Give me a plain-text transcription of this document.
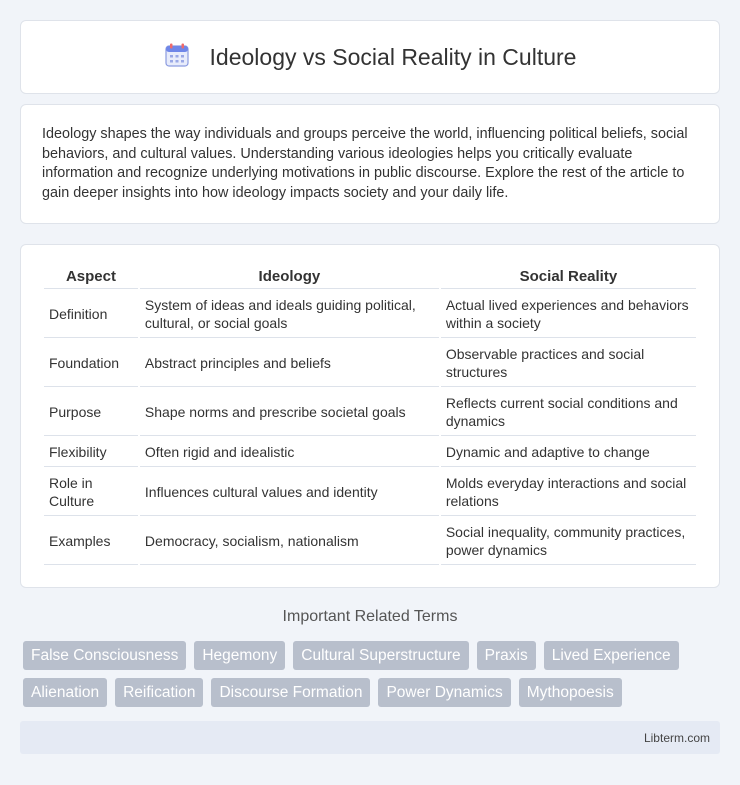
Ideology vs Social Reality in Culture

Ideology shapes the way individuals and groups perceive the world, influencing political beliefs, social behaviors, and cultural values. Understanding various ideologies helps you critically evaluate information and recognize underlying motivations in public discourse. Explore the rest of the article to gain deeper insights into how ideology impacts society and your daily life.

Aspect	Ideology	Social Reality
Definition	System of ideas and ideals guiding political, cultural, or social goals	Actual lived experiences and behaviors within a society
Foundation	Abstract principles and beliefs	Observable practices and social structures
Purpose	Shape norms and prescribe societal goals	Reflects current social conditions and dynamics
Flexibility	Often rigid and idealistic	Dynamic and adaptive to change
Role in Culture	Influences cultural values and identity	Molds everyday interactions and social relations
Examples	Democracy, socialism, nationalism	Social inequality, community practices, power dynamics
Important Related Terms
False Consciousness	Hegemony	Cultural Superstructure	Praxis	Lived Experience
Alienation	Reification	Discourse Formation	Power Dynamics	Mythopoesis
Libterm.com
